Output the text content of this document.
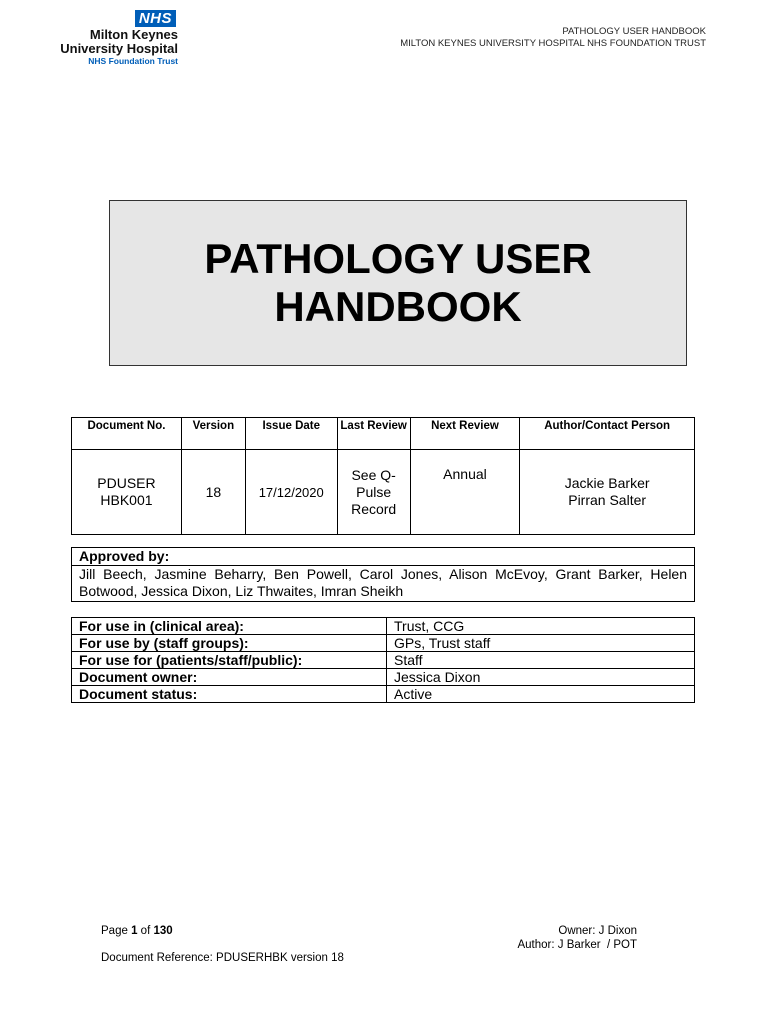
NHS
Milton Keynes
University Hospital
NHS Foundation Trust
PATHOLOGY USER HANDBOOK
MILTON KEYNES UNIVERSITY HOSPITAL NHS FOUNDATION TRUST
PATHOLOGY USER
HANDBOOK
Document No.	Version	Issue Date	Last Review	Next Review	Author/Contact Person
PDUSER HBK001	18	17/12/2020	See Q-Pulse Record	Annual	Jackie Barker Pirran Salter
Approved by:
Jill Beech, Jasmine Beharry, Ben Powell, Carol Jones, Alison McEvoy, Grant Barker, Helen Botwood, Jessica Dixon, Liz Thwaites, Imran Sheikh
For use in (clinical area):	Trust, CCG
For use by (staff groups):	GPs, Trust staff
For use for (patients/staff/public):	Staff
Document owner:	Jessica Dixon
Document status:	Active
Page 1 of 130	Owner: J Dixon
Author: J Barker  / POT
Document Reference: PDUSERHBK version 18
